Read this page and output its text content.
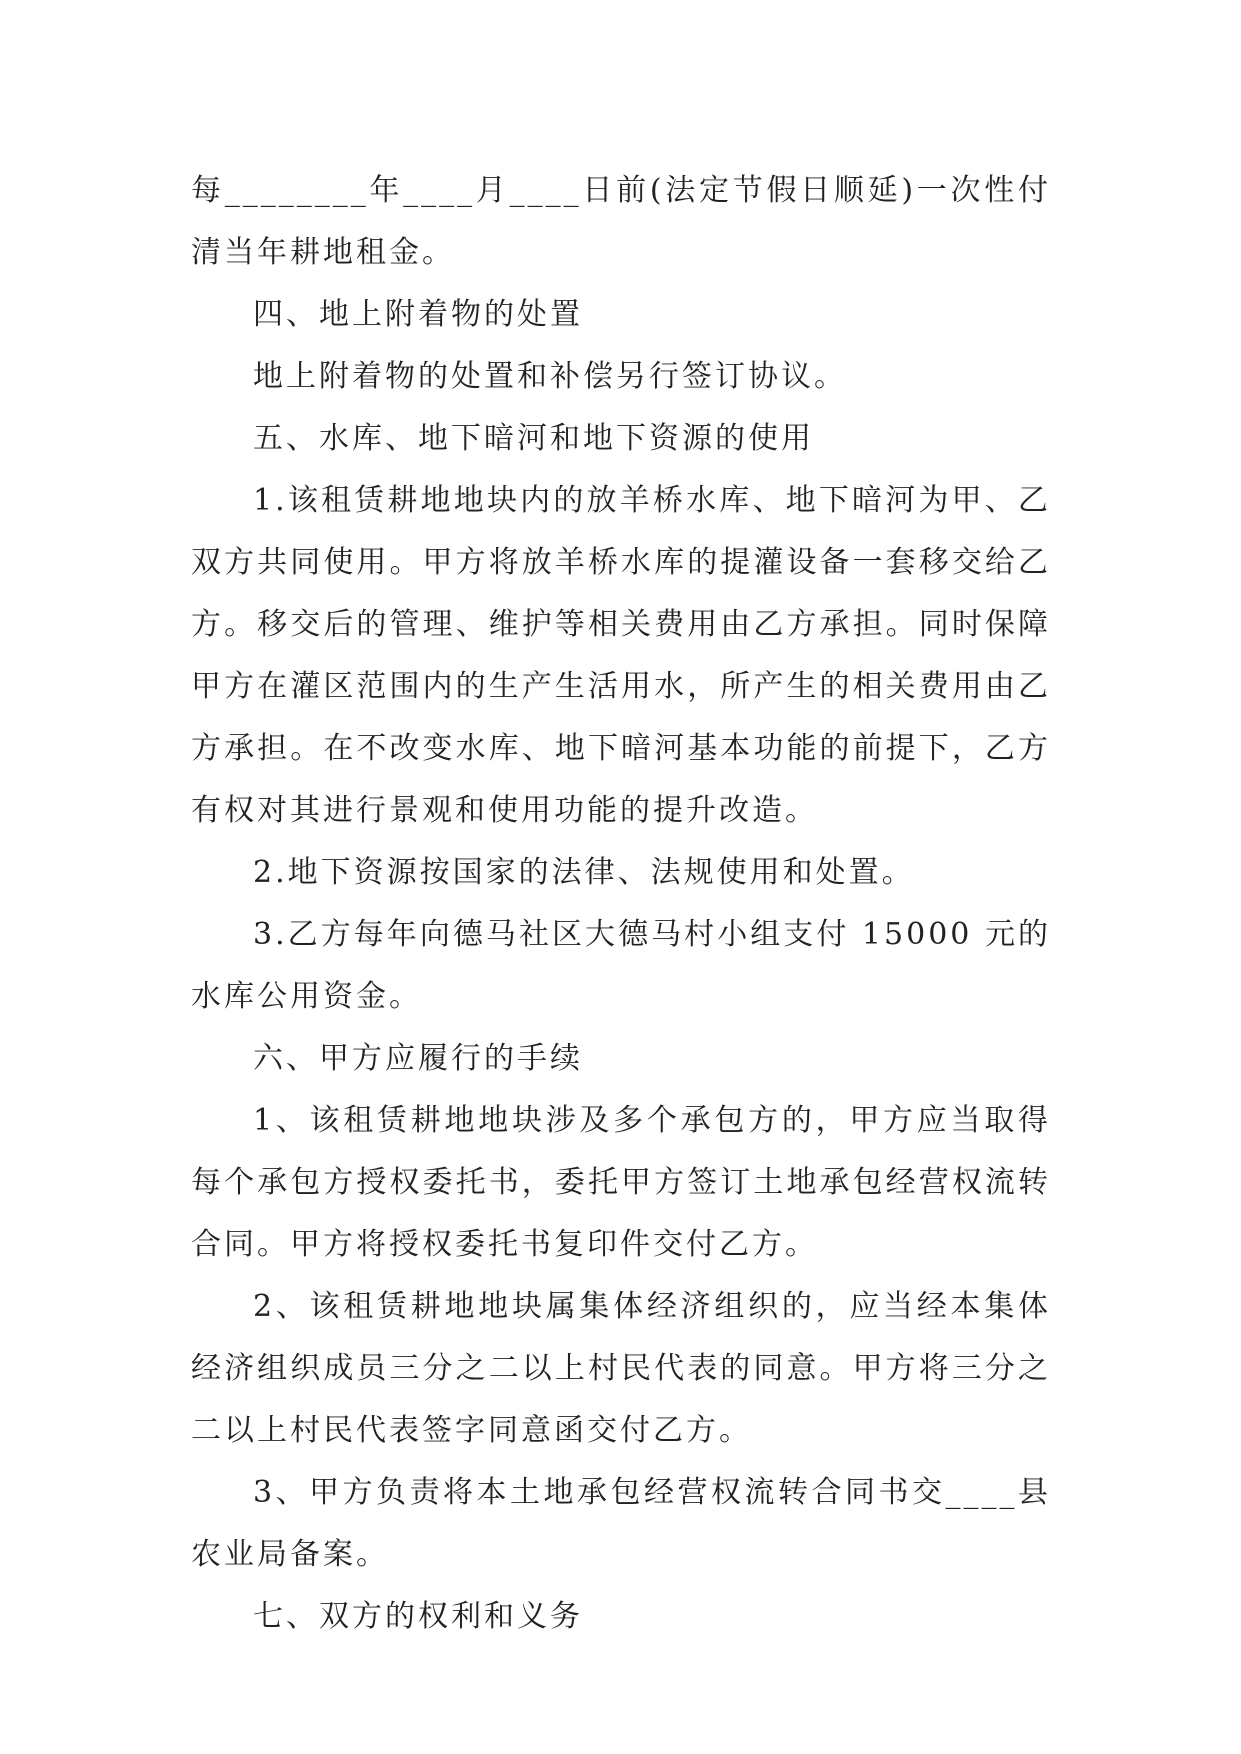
每________年____月____日前(法定节假日顺延)一次性付清当年耕地租金。

四、地上附着物的处置

地上附着物的处置和补偿另行签订协议。

五、水库、地下暗河和地下资源的使用

1.该租赁耕地地块内的放羊桥水库、地下暗河为甲、乙双方共同使用。甲方将放羊桥水库的提灌设备一套移交给乙方。移交后的管理、维护等相关费用由乙方承担。同时保障甲方在灌区范围内的生产生活用水，所产生的相关费用由乙方承担。在不改变水库、地下暗河基本功能的前提下，乙方有权对其进行景观和使用功能的提升改造。

2.地下资源按国家的法律、法规使用和处置。

3.乙方每年向德马社区大德马村小组支付 15000 元的水库公用资金。

六、甲方应履行的手续

1、该租赁耕地地块涉及多个承包方的，甲方应当取得每个承包方授权委托书，委托甲方签订土地承包经营权流转合同。甲方将授权委托书复印件交付乙方。

2、该租赁耕地地块属集体经济组织的，应当经本集体经济组织成员三分之二以上村民代表的同意。甲方将三分之二以上村民代表签字同意函交付乙方。

3、甲方负责将本土地承包经营权流转合同书交____县农业局备案。

七、双方的权利和义务
